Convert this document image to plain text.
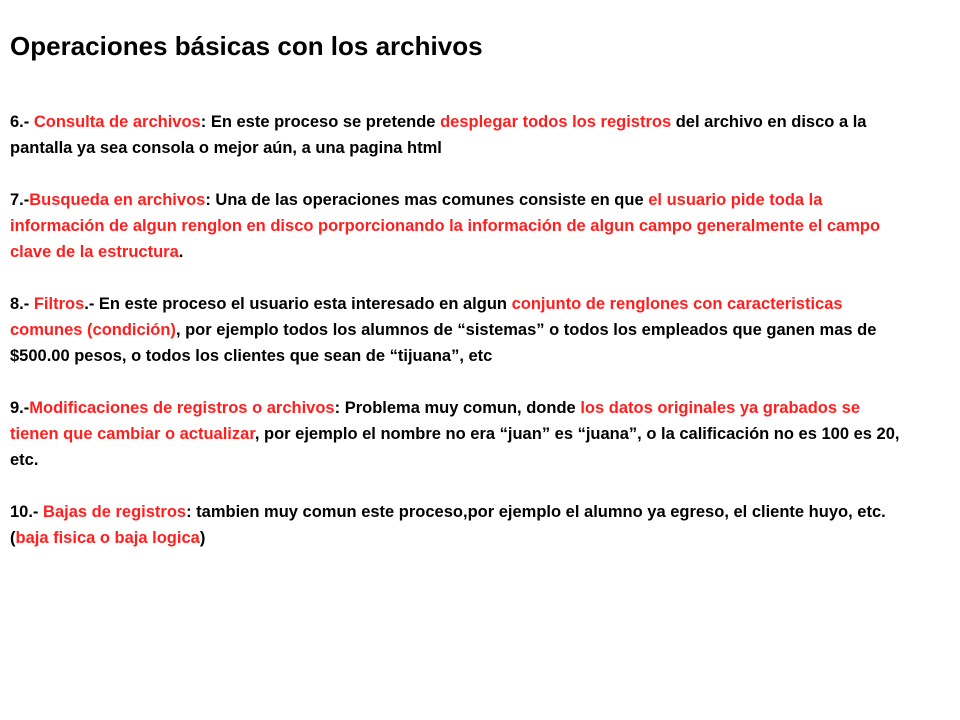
Operaciones básicas con los archivos

6.- Consulta de archivos: En este proceso se pretende desplegar todos los registros del archivo en disco a la pantalla ya sea consola o mejor aún, a una pagina html

7.-Busqueda en archivos: Una de las operaciones mas comunes consiste en que el usuario pide toda la información de algun renglon en disco porporcionando la información de algun campo generalmente el campo clave de la estructura.

8.- Filtros.- En este proceso el usuario esta interesado en algun conjunto de renglones con caracteristicas comunes (condición), por ejemplo todos los alumnos de “sistemas” o todos los empleados que ganen mas de $500.00 pesos, o todos los clientes que sean de “tijuana”, etc

9.-Modificaciones de registros o archivos: Problema muy comun, donde los datos originales ya grabados se tienen que cambiar o actualizar, por ejemplo el nombre no era “juan” es “juana”, o la calificación no es 100 es 20, etc.

10.- Bajas de registros: tambien muy comun este proceso,por ejemplo el alumno ya egreso, el cliente huyo, etc. (baja fisica o baja logica)
